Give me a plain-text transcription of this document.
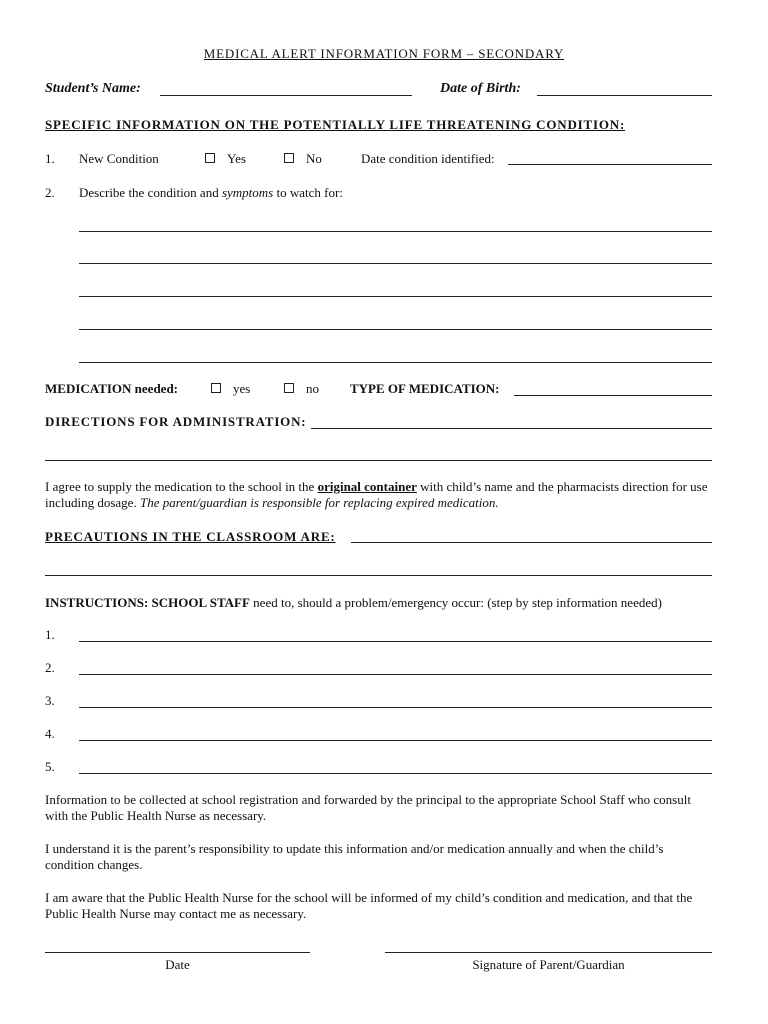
MEDICAL ALERT INFORMATION FORM – SECONDARY
Student’s Name:	Date of Birth:
SPECIFIC INFORMATION ON THE POTENTIALLY LIFE THREATENING CONDITION:
1. New Condition	Yes	No	Date condition identified:
2. Describe the condition and symptoms to watch for:
MEDICATION needed:	yes	no TYPE OF MEDICATION:
DIRECTIONS FOR ADMINISTRATION:
I agree to supply the medication to the school in the original container with child’s name and the pharmacists direction for use including dosage. The parent/guardian is responsible for replacing expired medication.
PRECAUTIONS IN THE CLASSROOM ARE:
INSTRUCTIONS: SCHOOL STAFF need to, should a problem/emergency occur: (step by step information needed)
1.
2.
3.
4.
5.
Information to be collected at school registration and forwarded by the principal to the appropriate School Staff who consult with the Public Health Nurse as necessary.
I understand it is the parent’s responsibility to update this information and/or medication annually and when the child’s condition changes.
I am aware that the Public Health Nurse for the school will be informed of my child’s condition and medication, and that the Public Health Nurse may contact me as necessary.
Date	Signature of Parent/Guardian
